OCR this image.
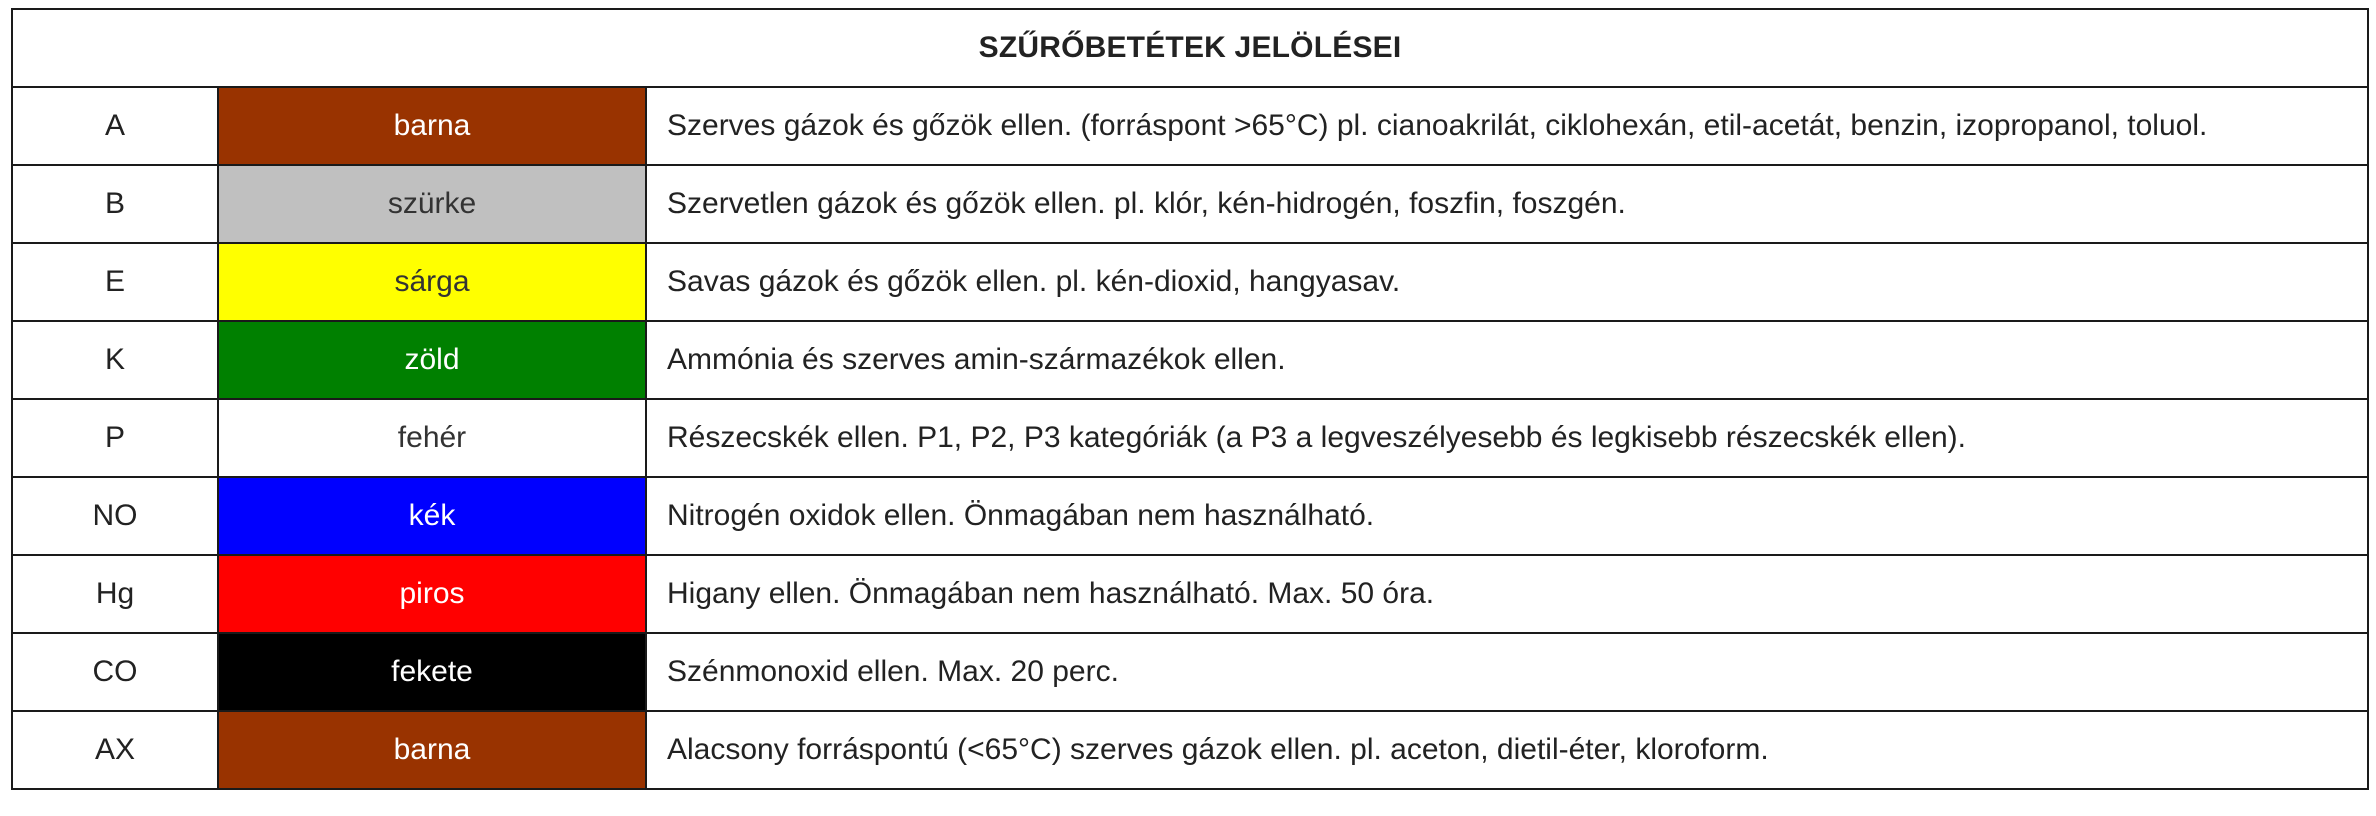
SZŰRŐBETÉTEK JELÖLÉSEI		
A	barna	Szerves gázok és gőzök ellen. (forráspont >65°C) pl. cianoakrilát, ciklohexán, etil-acetát, benzin, izopropanol, toluol.
B	szürke	Szervetlen gázok és gőzök ellen. pl. klór, kén-hidrogén, foszfin, foszgén.
E	sárga	Savas gázok és gőzök ellen. pl. kén-dioxid, hangyasav.
K	zöld	Ammónia és szerves amin-származékok ellen.
P	fehér	Részecskék ellen. P1, P2, P3 kategóriák (a P3 a legveszélyesebb és legkisebb részecskék ellen).
NO	kék	Nitrogén oxidok ellen. Önmagában nem használható.
Hg	piros	Higany ellen. Önmagában nem használható. Max. 50 óra.
CO	fekete	Szénmonoxid ellen. Max. 20 perc.
AX	barna	Alacsony forráspontú (<65°C) szerves gázok ellen. pl. aceton, dietil-éter, kloroform.
